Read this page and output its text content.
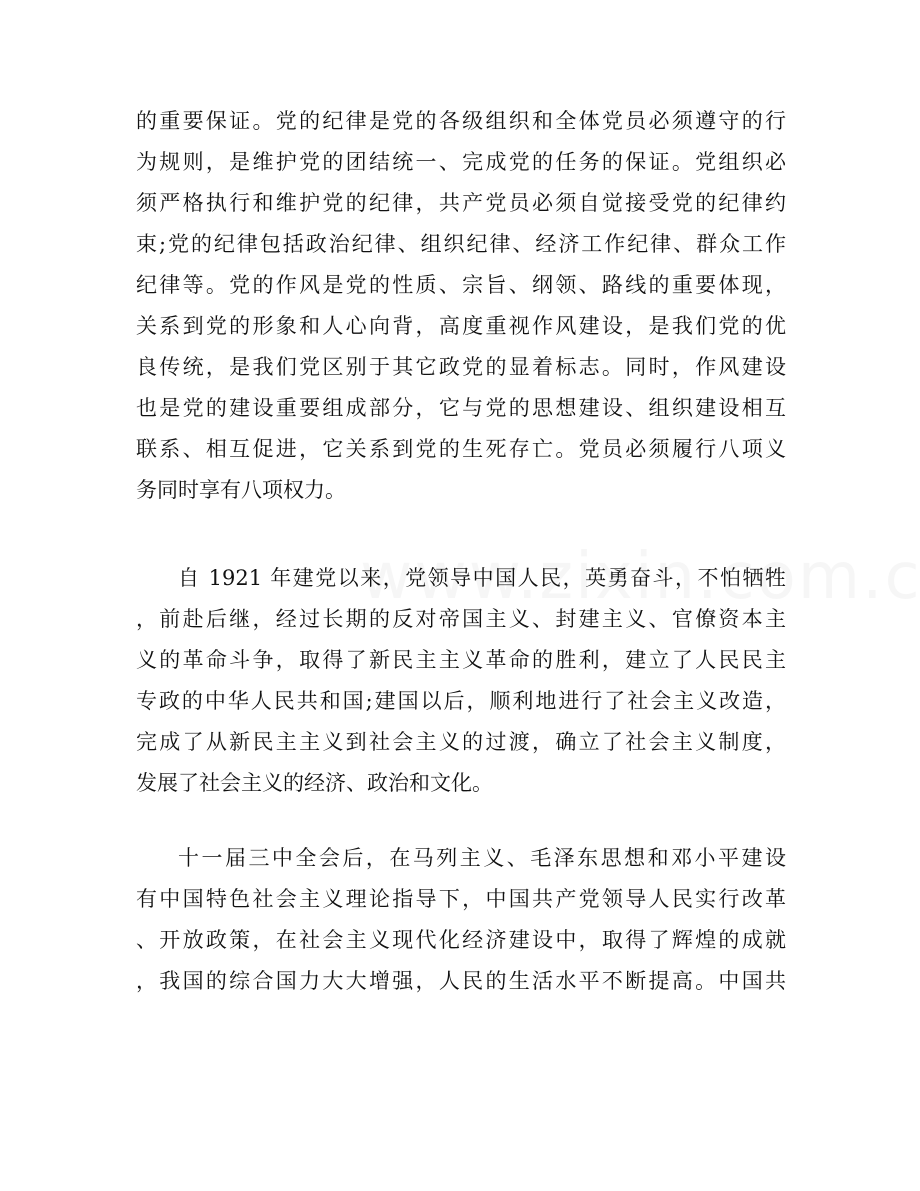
的重要保证。党的纪律是党的各级组织和全体党员必须遵守的行
为规则，是维护党的团结统一、完成党的任务的保证。党组织必
须严格执行和维护党的纪律，共产党员必须自觉接受党的纪律约
束;党的纪律包括政治纪律、组织纪律、经济工作纪律、群众工作
纪律等。党的作风是党的性质、宗旨、纲领、路线的重要体现，
关系到党的形象和人心向背，高度重视作风建设，是我们党的优
良传统，是我们党区别于其它政党的显着标志。同时，作风建设
也是党的建设重要组成部分，它与党的思想建设、组织建设相互
联系、相互促进，它关系到党的生死存亡。党员必须履行八项义
务同时享有八项权力。
自 1921 年建党以来，党领导中国人民，英勇奋斗，不怕牺牲
，前赴后继，经过长期的反对帝国主义、封建主义、官僚资本主
义的革命斗争，取得了新民主主义革命的胜利，建立了人民民主
专政的中华人民共和国;建国以后，顺利地进行了社会主义改造，
完成了从新民主主义到社会主义的过渡，确立了社会主义制度，
发展了社会主义的经济、政治和文化。
十一届三中全会后，在马列主义、毛泽东思想和邓小平建设
有中国特色社会主义理论指导下，中国共产党领导人民实行改革
、开放政策，在社会主义现代化经济建设中，取得了辉煌的成就
，我国的综合国力大大增强，人民的生活水平不断提高。中国共
